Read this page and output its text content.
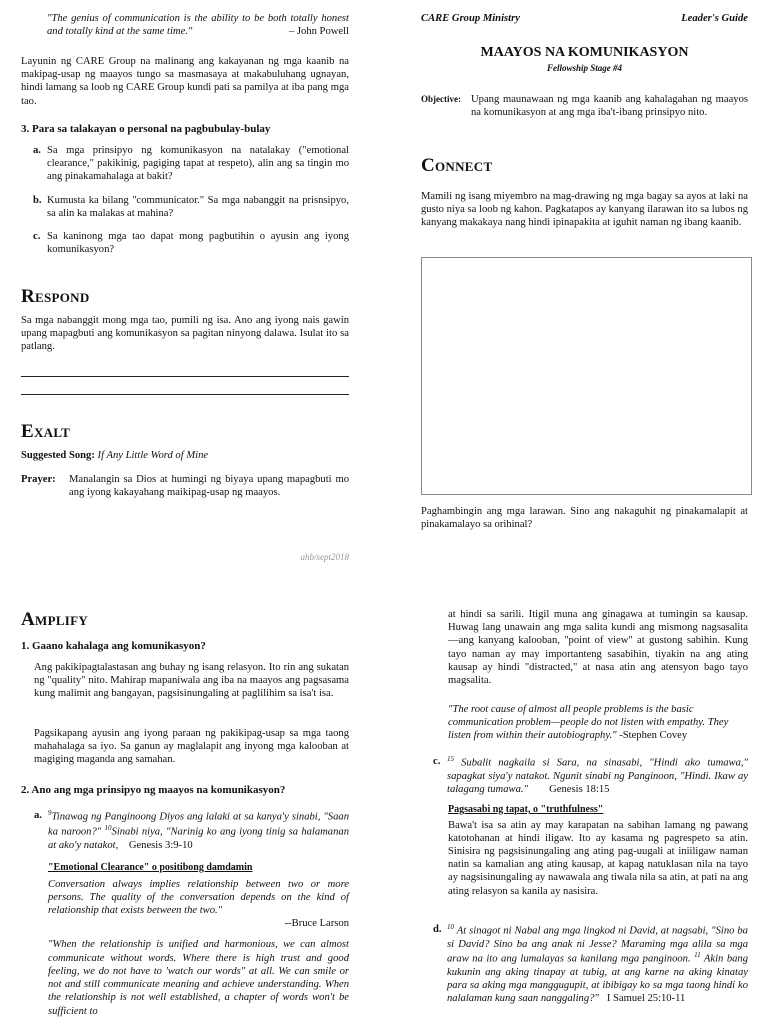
"The genius of communication is the ability to be both totally honest and totally kind at the same time."	– John Powell

Layunin ng CARE Group na malinang ang kakayanan ng mga kaanib na makipag-usap ng maayos tungo sa masmasaya at makabuluhang ugnayan, hindi lamang sa loob ng CARE Group kundi pati sa pamilya at iba pang mga tao.

3. Para sa talakayan o personal na pagbubulay-bulay

a. Sa mga prinsipyo ng komunikasyon na natalakay ("emotional clearance," pakikinig, pagiging tapat at respeto), alin ang sa tingin mo ang pinakamahalaga at bakit?
b. Kumusta ka bilang "communicator." Sa mga nabanggit na prisnsipyo, sa alin ka malakas at mahina?
c. Sa kaninong mga tao dapat mong pagbutihin o ayusin ang iyong komunikasyon?
Respond

Sa mga nabanggit mong mga tao, pumili ng isa. Ano ang iyong nais gawin upang mapagbuti ang komunikasyon sa pagitan ninyong dalawa. Isulat ito sa patlang.

Exalt
Suggested Song: If Any Little Word of Mine
Prayer:	Manalangin sa Dios at humingi ng biyaya upang mapagbuti mo ang iyong kakayahang maikipag-usap ng maayos.
ahb/sept2018
CARE Group Ministry	Leader's Guide
MAAYOS NA KOMUNIKASYON
Fellowship Stage #4
Objective: Upang maunawaan ng mga kaanib ang kahalagahan ng maayos na komunikasyon at ang mga iba't-ibang prinsipyo nito.
Connect

Mamili ng isang miyembro na mag-drawing ng mga bagay sa ayos at laki na gusto niya sa loob ng kahon. Pagkatapos ay kanyang ilarawan ito sa lubos ng kanyang makakaya nang hindi ipinapakita at iguhit naman ng ibang kaanib.

Paghambingin ang mga larawan. Sino ang nakaguhit ng pinakamalapit at pinakamalayo sa orihinal?

Amplify

1. Gaano kahalaga ang komunikasyon?

Ang pakikipagtalastasan ang buhay ng isang relasyon. Ito rin ang sukatan ng "quality" nito. Mahirap mapaniwala ang iba na maayos ang pagsasama kung malimit ang bangayan, pagsisinungaling at paglilihim sa isa't isa.

Pagsikapang ayusin ang iyong paraan ng pakikipag-usap sa mga taong mahahalaga sa iyo. Sa ganun ay maglalapit ang inyong mga kalooban at magiging maganda ang samahan.

2. Ano ang mga prinsipyo ng maayos na komunikasyon?

a. $^9$Tinawag ng Panginoong Diyos ang lalaki at sa kanya'y sinabi, "Saan ka naroon?" $^{10}$Sinabi niya, "Narinig ko ang iyong tinig sa halamanan at ako'y natakot, Genesis 3:9-10

"Emotional Clearance" o positibong damdamin

Conversation always implies relationship between two or more persons. The quality of the conversation depends on the kind of relationship that exists between the two."

--Bruce Larson

"When the relationship is unified and harmonious, we can almost communicate without words. Where there is high trust and good feeling, we do not have to 'watch our words" at all. We can smile or not and still communicate meaning and achieve understanding. When the relationship is not well established, a chapter of words won't be sufficient to

at hindi sa sarili. Itigil muna ang ginagawa at tumingin sa kausap. Huwag lang unawain ang mga salita kundi ang mismong nagsasalita—ang kanyang kalooban, "point of view" at gustong sabihin. Kung tayo naman ay may importanteng sasabihin, tiyakin na ang ating kausap ay hindi "distracted," at nasa atin ang atensyon bago tayo magsalita.

"The root cause of almost all people problems is the basic communication problem—people do not listen with empathy. They listen from within their autobiography." -Stephen Covey
c. $^{15}$ Subalit nagkaila si Sara, na sinasabi, "Hindi ako tumawa," sapagkat siya'y natakot. Ngunit sinabi ng Panginoon, "Hindi. Ikaw ay talagang tumawa." Genesis 18:15

Pagsasabi ng tapat, o "truthfulness"

Bawa't isa sa atin ay may karapatan na sabihan lamang ng pawang katotohanan at hindi iligaw. Ito ay kasama ng pagrespeto sa atin. Sinisira ng pagsisinungaling ang ating pag-uugali at iniiligaw naman natin sa kamalian ang ating kausap, at kapag natuklasan nila na tayo ay nagsisinungaling ay nawawala ang tiwala nila sa atin, at pati na ang ating relasyon sa kanila ay nasisira.

d. $^{10}$ At sinagot ni Nabal ang mga lingkod ni David, at nagsabi, "Sino ba si David? Sino ba ang anak ni Jesse? Maraming mga alila sa mga araw na ito ang lumalayas sa kanilang mga panginoon. $^{11}$ Akin bang kukunin ang aking tinapay at tubig, at ang karne na aking kinatay para sa aking mga manggugupit, at ibibigay ko sa mga taong hindi ko nalalaman kung saan nanggaling?" I Samuel 25:10-11
